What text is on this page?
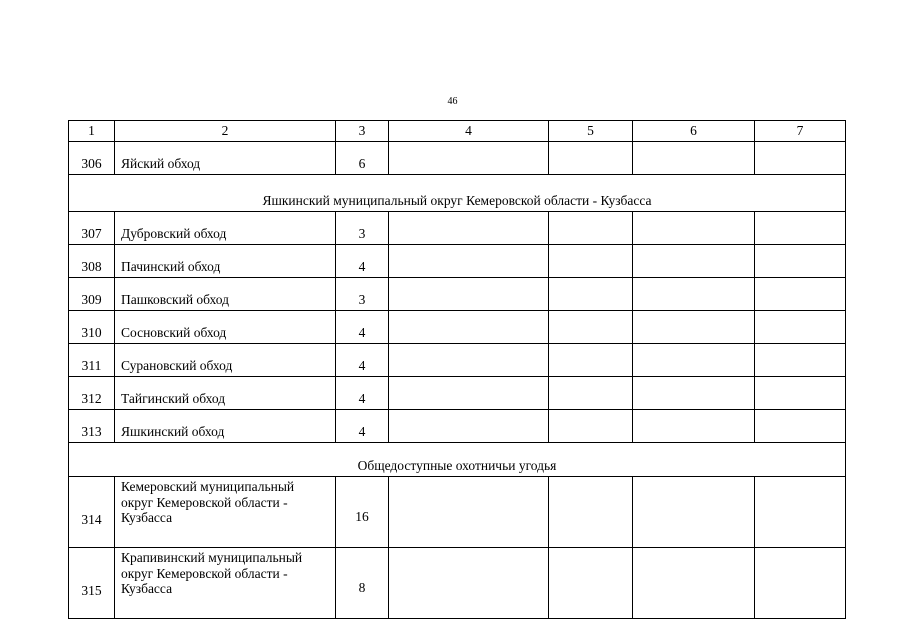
46
1	2	3	4	5	6	7
306	Яйский обход	6				
Яшкинский муниципальный округ Кемеровской области - Кузбасса						
307	Дубровский обход	3				
308	Пачинский обход	4				
309	Пашковский обход	3				
310	Сосновский обход	4				
311	Сурановский обход	4				
312	Тайгинский обход	4				
313	Яшкинский обход	4				
Общедоступные охотничьи угодья						
314	Кемеровский муниципальный округ Кемеровской области - Кузбасса	16				
315	Крапивинский муниципальный округ Кемеровской области - Кузбасса	8				
